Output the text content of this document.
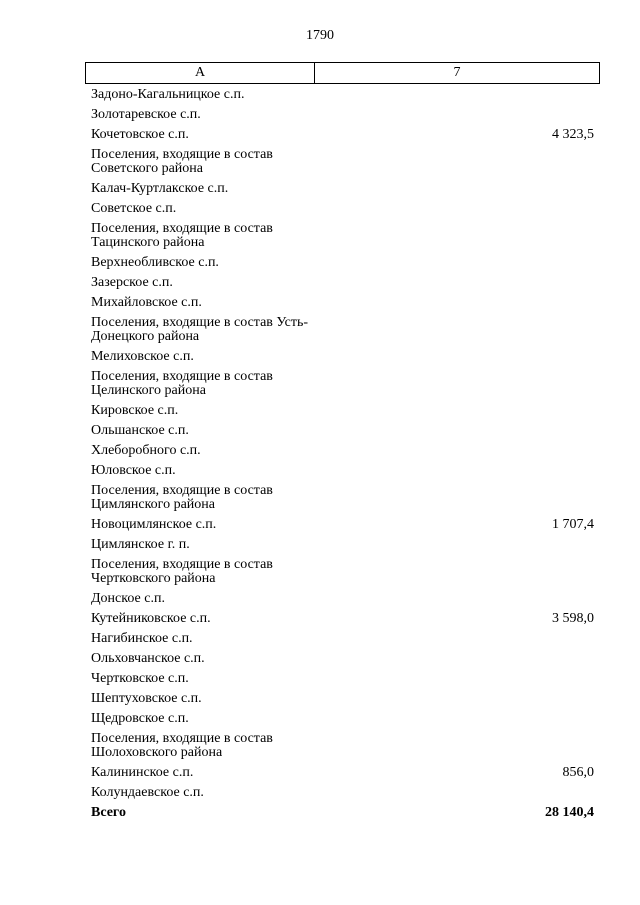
1790
А	7
Задоно-Кагальницкое с.п.
Золотаревское с.п.
Кочетовское с.п.	4 323,5
Поселения, входящие в состав Советского района
Калач-Куртлакское с.п.
Советское с.п.
Поселения, входящие в состав Тацинского района
Верхнеобливское с.п.
Зазерское с.п.
Михайловское с.п.
Поселения, входящие в состав Усть-Донецкого района
Мелиховское с.п.
Поселения, входящие в состав Целинского района
Кировское с.п.
Ольшанское с.п.
Хлеборобного с.п.
Юловское с.п.
Поселения, входящие в состав Цимлянского района
Новоцимлянское с.п.	1 707,4
Цимлянское г. п.
Поселения, входящие в состав Чертковского района
Донское с.п.
Кутейниковское с.п.	3 598,0
Нагибинское с.п.
Ольховчанское с.п.
Чертковское с.п.
Шептуховское с.п.
Щедровское с.п.
Поселения, входящие в состав Шолоховского района
Калининское с.п.	856,0
Колундаевское с.п.
Всего	28 140,4
